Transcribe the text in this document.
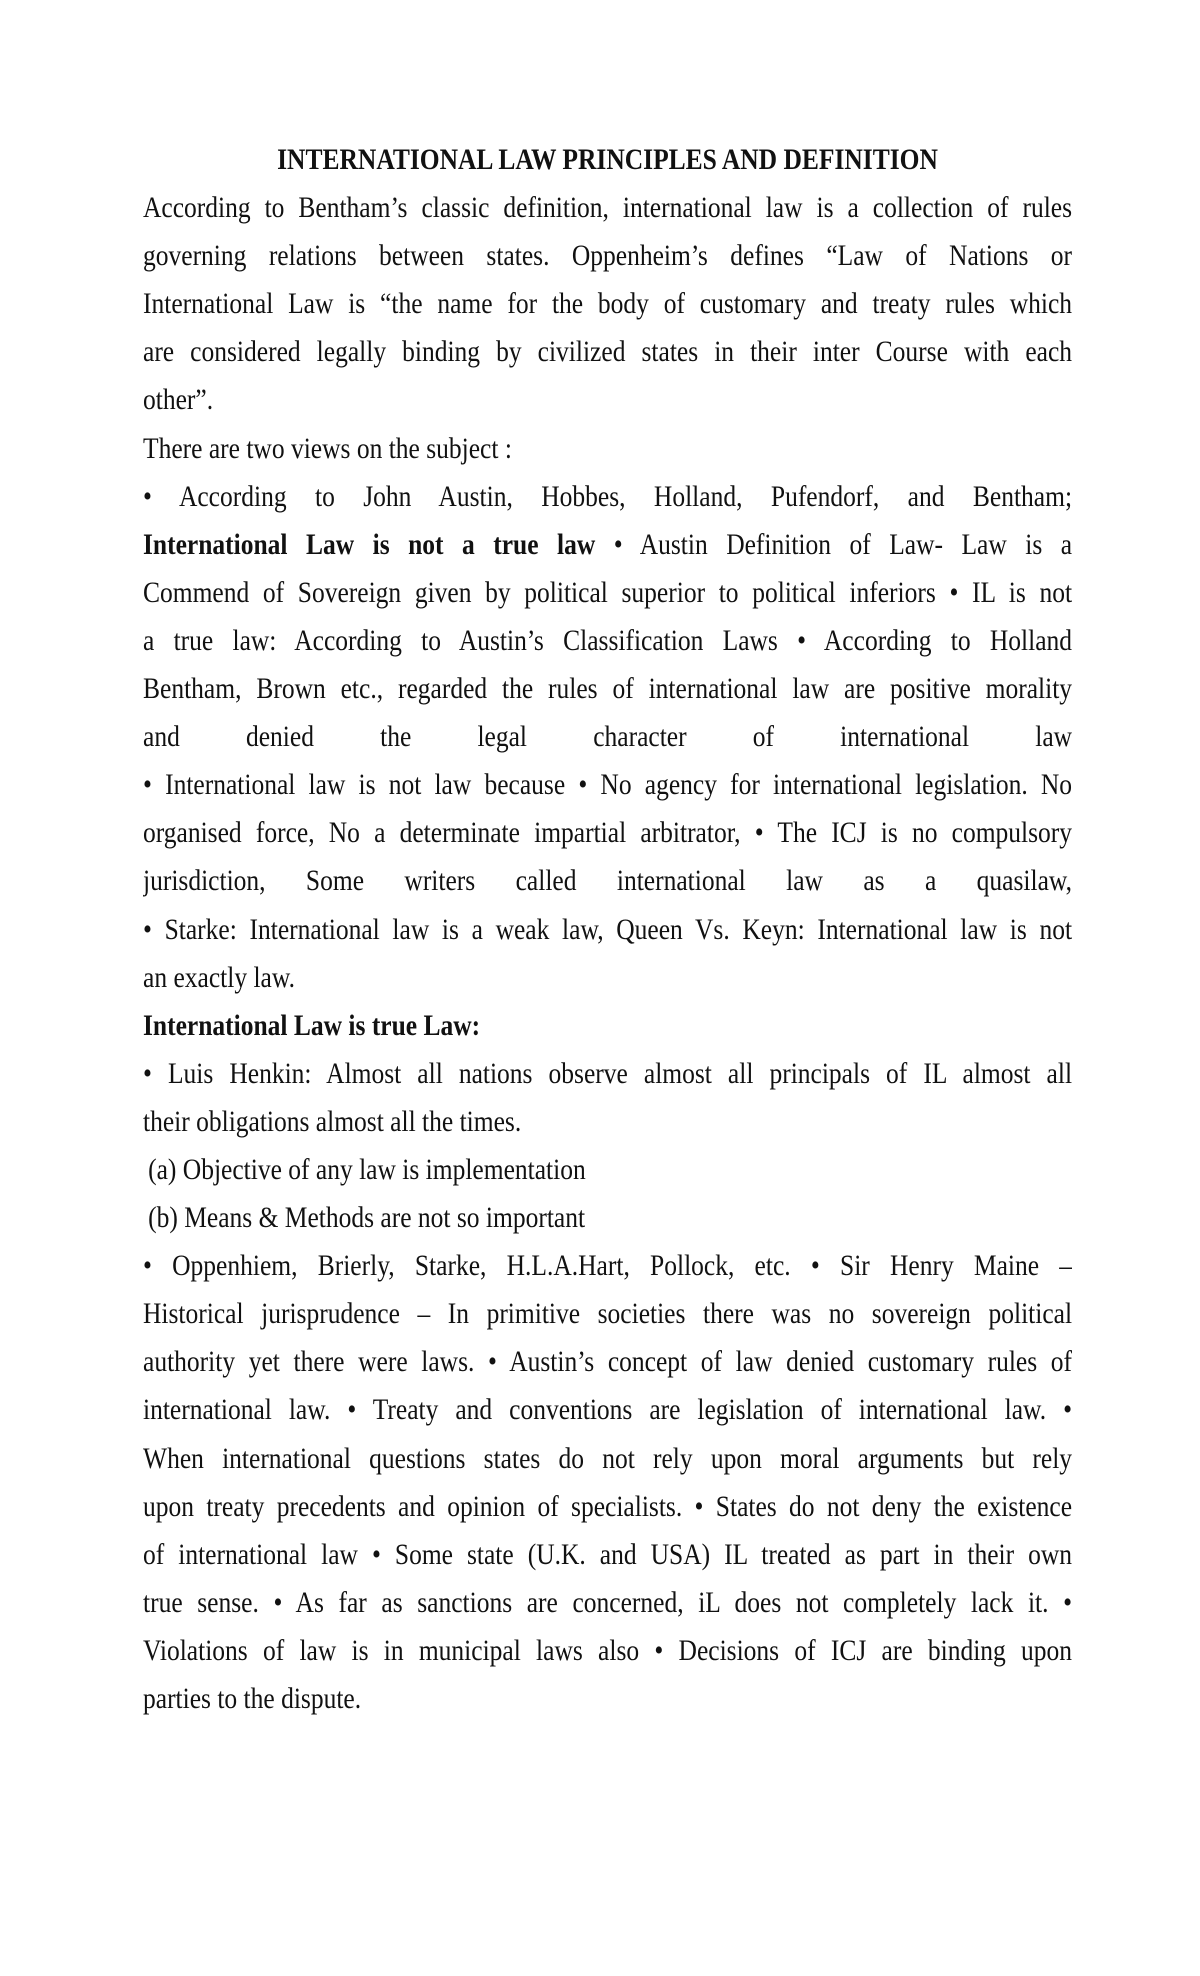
INTERNATIONAL LAW PRINCIPLES AND DEFINITION
According to Bentham’s classic definition, international law is a collection of rules
governing relations between states. Oppenheim’s defines “Law of Nations or
International Law is “the name for the body of customary and treaty rules which
are considered legally binding by civilized states in their inter Course with each
other”.
There are two views on the subject :
• According to John Austin, Hobbes, Holland, Pufendorf, and Bentham;
International Law is not a true law • Austin Definition of Law- Law is a
Commend of Sovereign given by political superior to political inferiors • IL is not
a true law: According to Austin’s Classification Laws • According to Holland
Bentham, Brown etc., regarded the rules of international law are positive morality
and denied the legal character of international law
• International law is not law because • No agency for international legislation. No
organised force, No a determinate impartial arbitrator, • The ICJ is no compulsory
jurisdiction, Some writers called international law as a quasilaw,
• Starke: International law is a weak law, Queen Vs. Keyn: International law is not
an exactly law.
International Law is true Law:
• Luis Henkin: Almost all nations observe almost all principals of IL almost all
their obligations almost all the times.
(a) Objective of any law is implementation
(b) Means & Methods are not so important
• Oppenhiem, Brierly, Starke, H.L.A.Hart, Pollock, etc. • Sir Henry Maine –
Historical jurisprudence – In primitive societies there was no sovereign political
authority yet there were laws. • Austin’s concept of law denied customary rules of
international law. • Treaty and conventions are legislation of international law. •
When international questions states do not rely upon moral arguments but rely
upon treaty precedents and opinion of specialists. • States do not deny the existence
of international law • Some state (U.K. and USA) IL treated as part in their own
true sense. • As far as sanctions are concerned, iL does not completely lack it. •
Violations of law is in municipal laws also • Decisions of ICJ are binding upon
parties to the dispute.
